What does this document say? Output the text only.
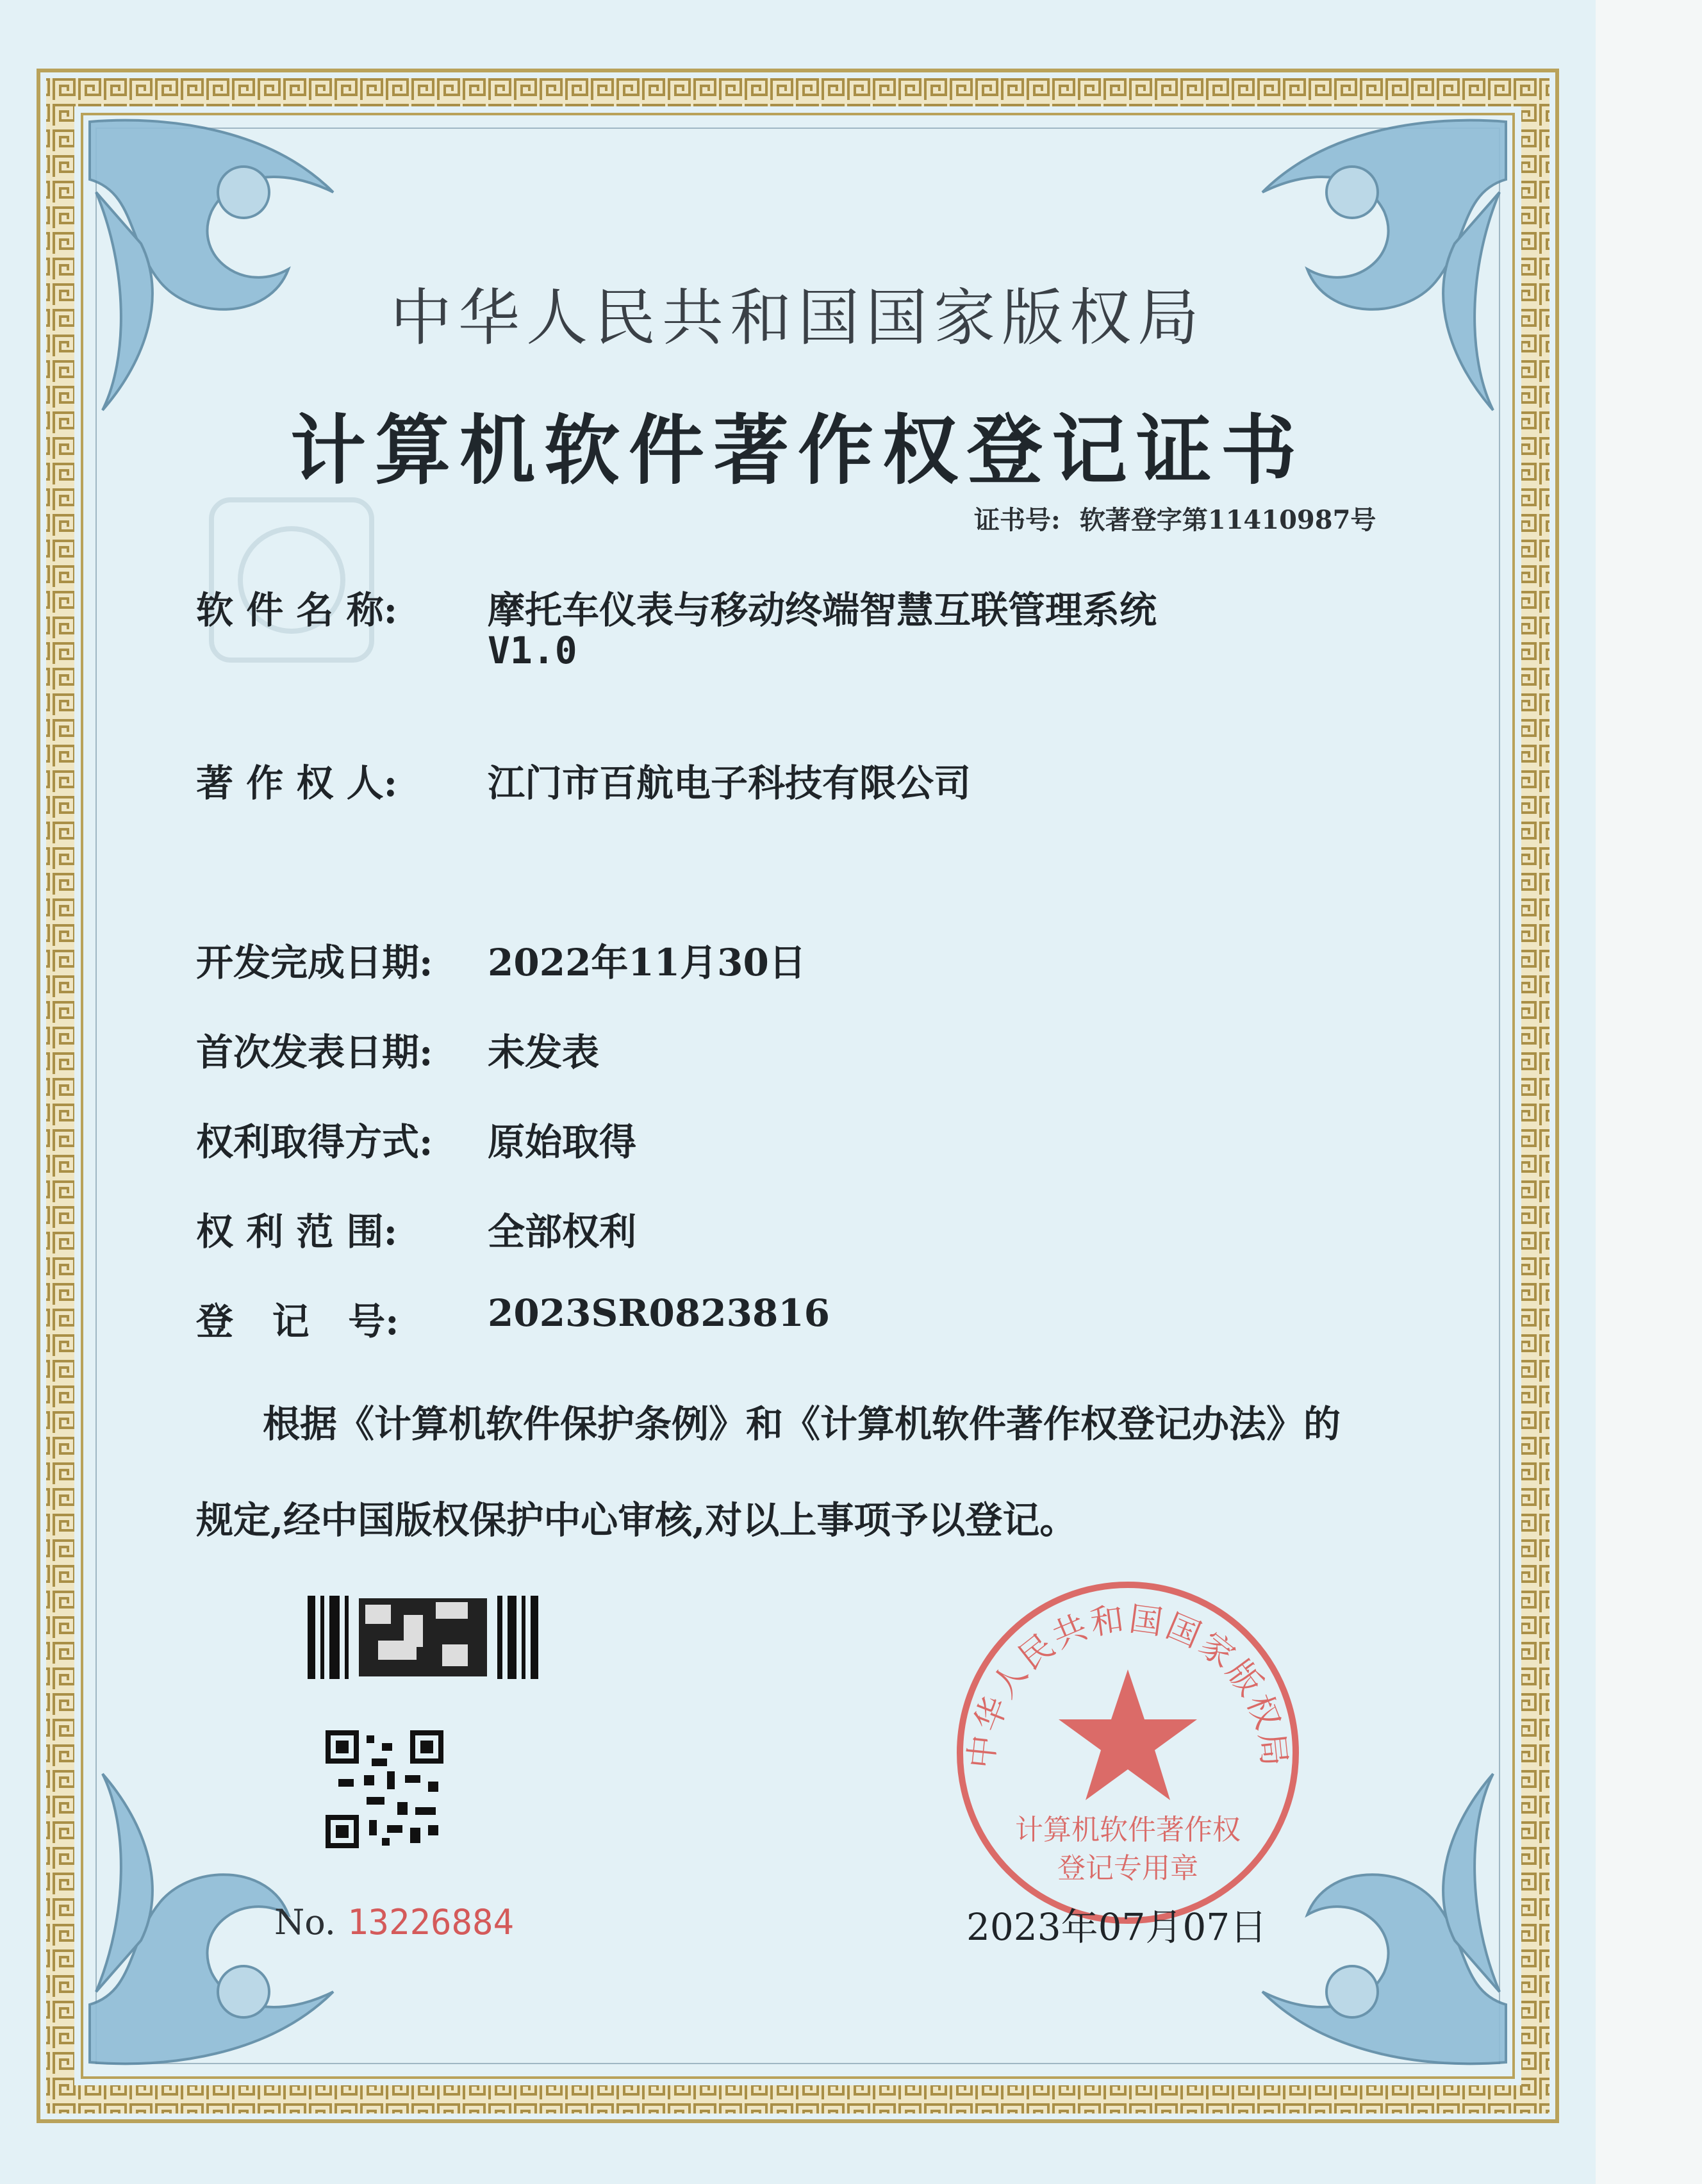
中华人民共和国国家版权局
计算机软件著作权登记证书
证书号: 软著登字第11410987号
软 件 名 称: 摩托车仪表与移动终端智慧互联管理系统
V1.0
著 作 权 人: 江门市百航电子科技有限公司
开发完成日期: 2022年11月30日
首次发表日期: 未发表
权利取得方式: 原始取得
权 利 范 围: 全部权利
登   记   号: 2023SR0823816
根据《计算机软件保护条例》和《计算机软件著作权登记办法》的
规定,经中国版权保护中心审核,对以上事项予以登记。
中华人民共和国国家版权局
计算机软件著作权
登记专用章
No. 13226884	2023年07月07日
